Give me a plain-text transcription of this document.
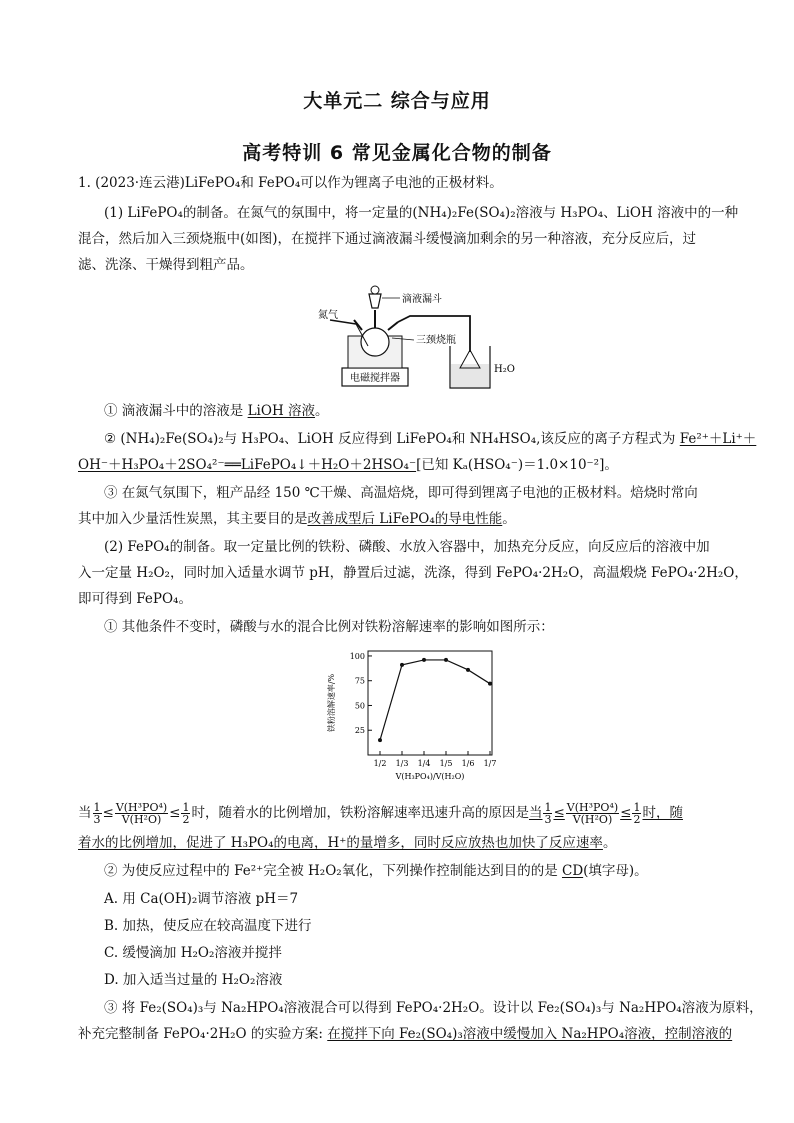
大单元二 综合与应用
高考特训 6 常见金属化合物的制备
1. (2023·连云港)LiFePO₄和 FePO₄可以作为锂离子电池的正极材料。
(1) LiFePO₄的制备。在氮气的氛围中，将一定量的(NH₄)₂Fe(SO₄)₂溶液与 H₃PO₄、LiOH 溶液中的一种
混合，然后加入三颈烧瓶中(如图)，在搅拌下通过滴液漏斗缓慢滴加剩余的另一种溶液，充分反应后，过
滤、洗涤、干燥得到粗产品。
电磁搅拌器
氮气
滴液漏斗
三颈烧瓶
H₂O
① 滴液漏斗中的溶液是 LiOH 溶液。
② (NH₄)₂Fe(SO₄)₂与 H₃PO₄、LiOH 反应得到 LiFePO₄和 NH₄HSO₄,该反应的离子方程式为 Fe²⁺＋Li⁺＋
OH⁻＋H₃PO₄＋2SO₄²⁻══LiFePO₄↓＋H₂O＋2HSO₄⁻[已知 Kₐ(HSO₄⁻)＝1.0×10⁻²]。
③ 在氮气氛围下，粗产品经 150 ℃干燥、高温焙烧，即可得到锂离子电池的正极材料。焙烧时常向
其中加入少量活性炭黑，其主要目的是改善成型后 LiFePO₄的导电性能。
(2) FePO₄的制备。取一定量比例的铁粉、磷酸、水放入容器中，加热充分反应，向反应后的溶液中加
入一定量 H₂O₂，同时加入适量水调节 pH，静置后过滤，洗涤，得到 FePO₄·2H₂O，高温煅烧 FePO₄·2H₂O，
即可得到 FePO₄。
① 其他条件不变时，磷酸与水的混合比例对铁粉溶解速率的影响如图所示：
25
50
75
100
1/2 1/3 1/4 1/5 1/6 1/7
V(H₃PO₄)/V(H₂O)
铁粉溶解速率/%
当 $\frac{1}{3} \le \frac{\text{V(H³PO⁴)}}{\text{V(H²O)}} \le \frac{1}{2}$ 时，随着水的比例增加，铁粉溶解速率迅速升高的原因是当 $\frac{1}{3} \le \frac{\text{V(H³PO⁴)}}{\text{V(H²O)}} \le \frac{1}{2}$ 时，随
着水的比例增加，促进了 H₃PO₄的电离，H⁺的量增多，同时反应放热也加快了反应速率。
② 为使反应过程中的 Fe²⁺完全被 H₂O₂氧化，下列操作控制能达到目的的是 CD(填字母)。
A. 用 Ca(OH)₂调节溶液 pH＝7
B. 加热，使反应在较高温度下进行
C. 缓慢滴加 H₂O₂溶液并搅拌
D. 加入适当过量的 H₂O₂溶液
③ 将 Fe₂(SO₄)₃与 Na₂HPO₄溶液混合可以得到 FePO₄·2H₂O。设计以 Fe₂(SO₄)₃与 Na₂HPO₄溶液为原料，
补充完整制备 FePO₄·2H₂O 的实验方案: 在搅拌下向 Fe₂(SO₄)₃溶液中缓慢加入 Na₂HPO₄溶液，控制溶液的
